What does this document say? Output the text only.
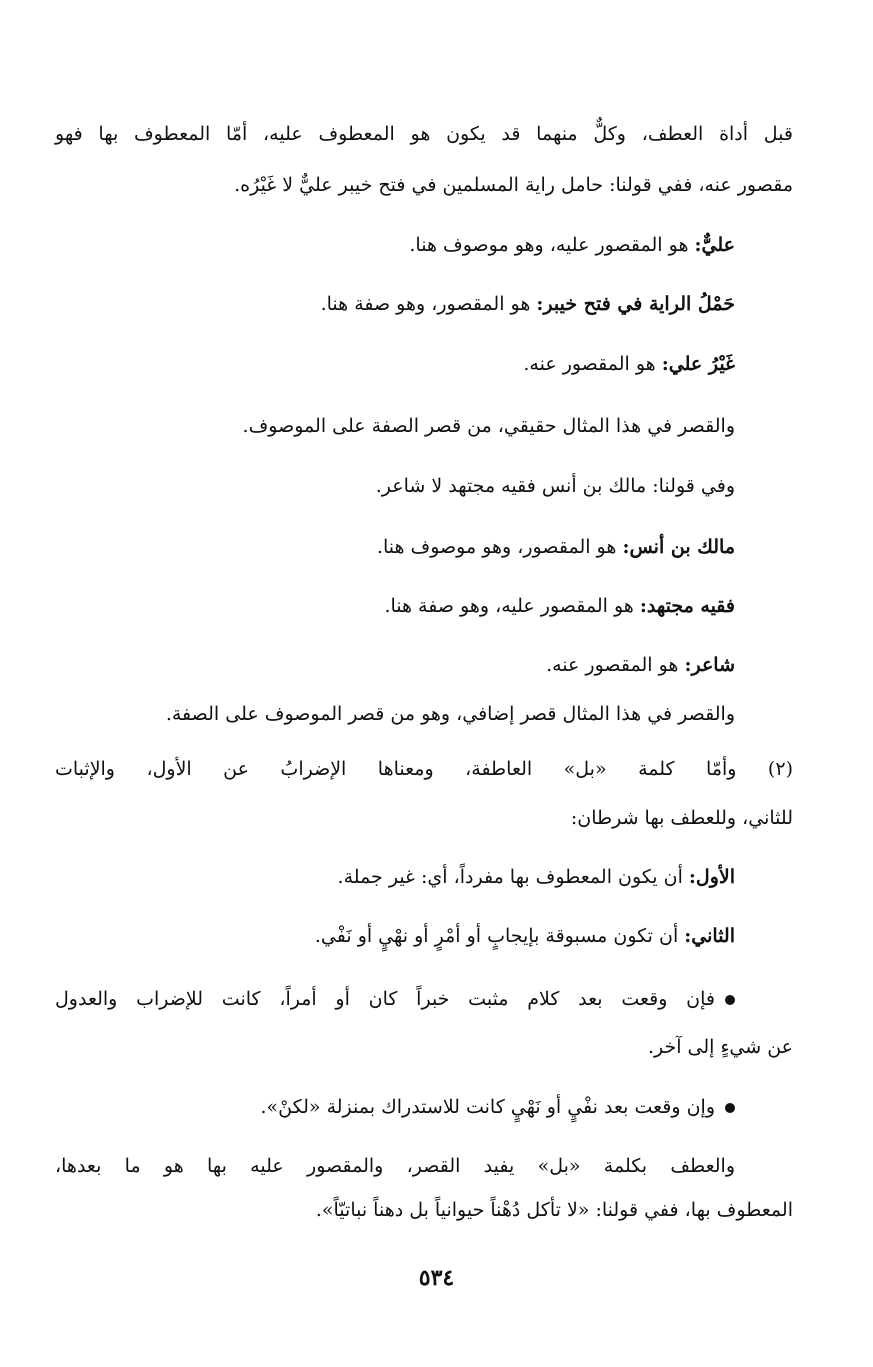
قبل أداة العطف، وكلٌّ منهما قد يكون هو المعطوف عليه، أمّا المعطوف بها فهو
مقصور عنه، ففي قولنا: حامل راية المسلمين في فتح خيبر عليٌّ لا غَيْرُه.
عليٌّ: هو المقصور عليه، وهو موصوف هنا.
حَمْلُ الراية في فتح خيبر: هو المقصور، وهو صفة هنا.
غَيْرُ علي: هو المقصور عنه.
والقصر في هذا المثال حقيقي، من قصر الصفة على الموصوف.
وفي قولنا: مالك بن أنس فقيه مجتهد لا شاعر.
مالك بن أنس: هو المقصور، وهو موصوف هنا.
فقيه مجتهد: هو المقصور عليه، وهو صفة هنا.
شاعر: هو المقصور عنه.
والقصر في هذا المثال قصر إضافي، وهو من قصر الموصوف على الصفة.
(٢) وأمّا كلمة «بل» العاطفة، ومعناها الإضرابُ عن الأول، والإثبات
للثاني، وللعطف بها شرطان:
الأول: أن يكون المعطوف بها مفرداً، أي: غير جملة.
الثاني: أن تكون مسبوقة بإيجابٍ أو أمْرٍ أو نهْيٍ أو نَفْي.
فإن وقعت بعد كلام مثبت خبراً كان أو أمراً، كانت للإضراب والعدول
عن شيءٍ إلى آخر.
وإن وقعت بعد نفْيٍ أو نَهْيٍ كانت للاستدراك بمنزلة «لكنْ».
والعطف بكلمة «بل» يفيد القصر، والمقصور عليه بها هو ما بعدها،
المعطوف بها، ففي قولنا: «لا تأكل دُهْناً حيوانياً بل دهناً نباتيّاً».
٥٣٤
